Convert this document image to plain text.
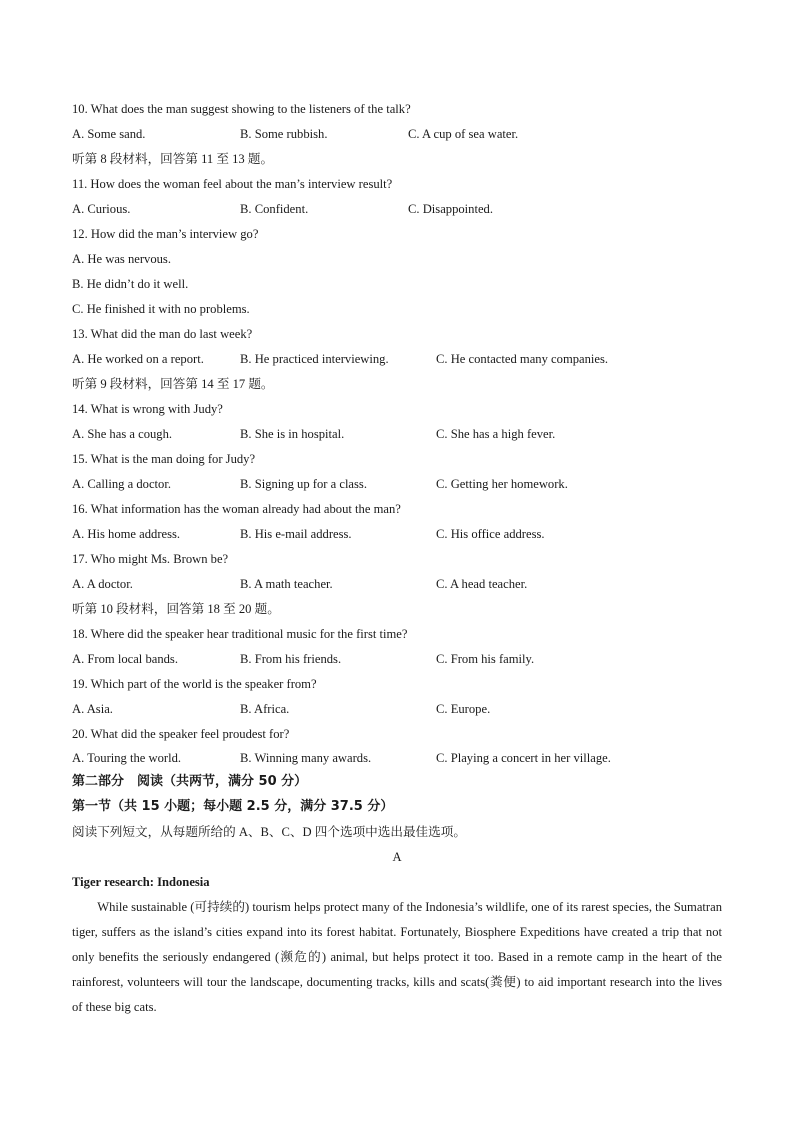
10. What does the man suggest showing to the listeners of the talk?
A. Some sand.	B. Some rubbish.	C. A cup of sea water.
听第 8 段材料，回答第 11 至 13 题。
11. How does the woman feel about the man’s interview result?
A. Curious.	B. Confident.	C. Disappointed.
12. How did the man’s interview go?
A. He was nervous.
B. He didn’t do it well.
C. He finished it with no problems.
13. What did the man do last week?
A. He worked on a report.	B. He practiced interviewing.	C. He contacted many companies.
听第 9 段材料，回答第 14 至 17 题。
14. What is wrong with Judy?
A. She has a cough.	B. She is in hospital.	C. She has a high fever.
15. What is the man doing for Judy?
A. Calling a doctor.	B. Signing up for a class.	C. Getting her homework.
16. What information has the woman already had about the man?
A. His home address.	B. His e-mail address.	C. His office address.
17. Who might Ms. Brown be?
A. A doctor.	B. A math teacher.	C. A head teacher.
听第 10 段材料，回答第 18 至 20 题。
18. Where did the speaker hear traditional music for the first time?
A. From local bands.	B. From his friends.	C. From his family.
19. Which part of the world is the speaker from?
A. Asia.	B. Africa.	C. Europe.
20. What did the speaker feel proudest for?
A. Touring the world.	B. Winning many awards.	C. Playing a concert in her village.
第二部分　阅读（共两节，满分 50 分）
第一节（共 15 小题；每小题 2.5 分，满分 37.5 分）
阅读下列短文，从每题所给的 A、B、C、D 四个选项中选出最佳选项。
A
Tiger research: Indonesia
While sustainable (可持续的) tourism helps protect many of the Indonesia’s wildlife, one of its rarest species, the Sumatran tiger, suffers as the island’s cities expand into its forest habitat. Fortunately, Biosphere Expeditions have created a trip that not only benefits the seriously endangered (濒危的) animal, but helps protect it too. Based in a remote camp in the heart of the rainforest, volunteers will tour the landscape, documenting tracks, kills and scats(粪便) to aid important research into the lives of these big cats.
